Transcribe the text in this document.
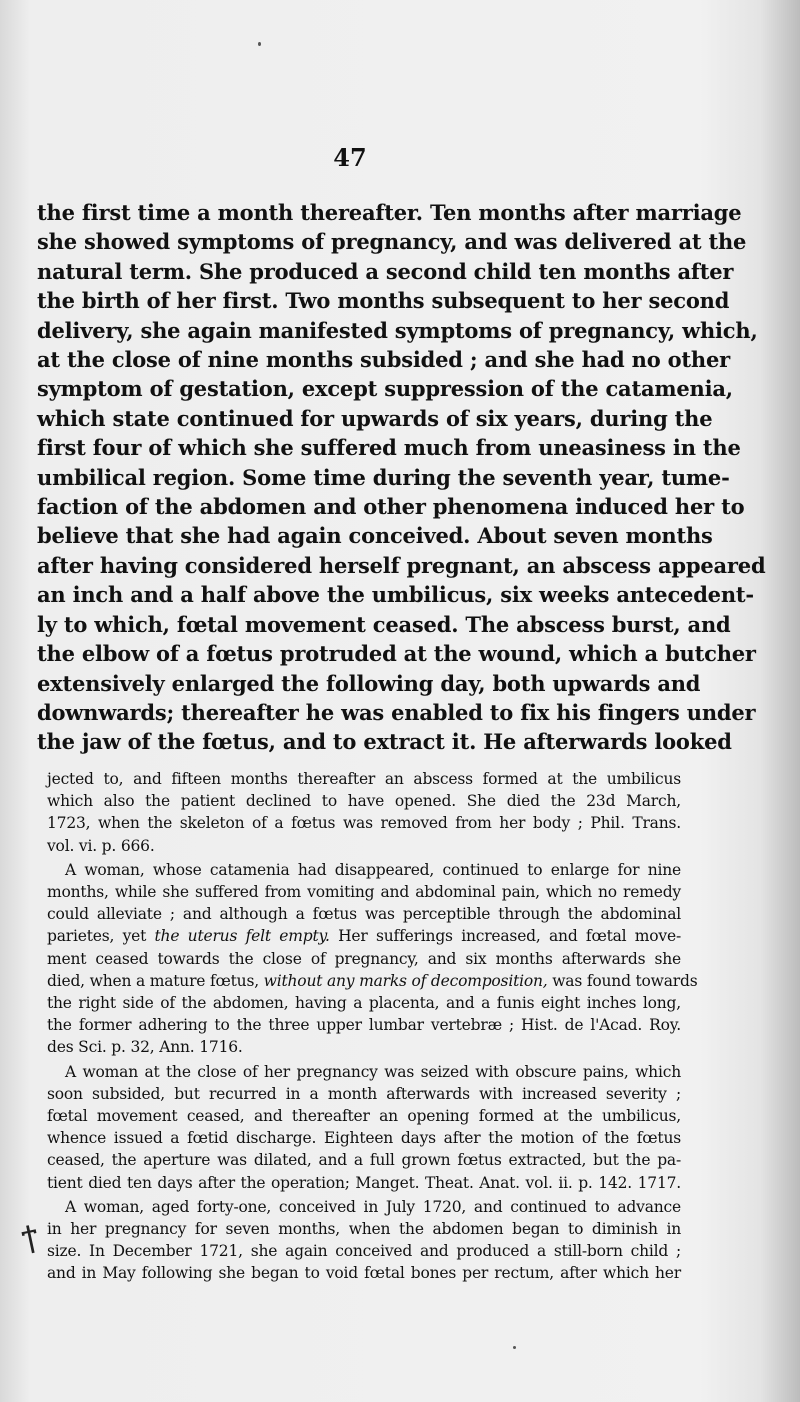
47
the first time a month thereafter. Ten months after marriage
she showed symptoms of pregnancy, and was delivered at the
natural term. She produced a second child ten months after
the birth of her first. Two months subsequent to her second
delivery, she again manifested symptoms of pregnancy, which,
at the close of nine months subsided ; and she had no other
symptom of gestation, except suppression of the catamenia,
which state continued for upwards of six years, during the
first four of which she suffered much from uneasiness in the
umbilical region. Some time during the seventh year, tume-
faction of the abdomen and other phenomena induced her to
believe that she had again conceived. About seven months
after having considered herself pregnant, an abscess appeared
an inch and a half above the umbilicus, six weeks antecedent-
ly to which, fœtal movement ceased. The abscess burst, and
the elbow of a fœtus protruded at the wound, which a butcher
extensively enlarged the following day, both upwards and
downwards; thereafter he was enabled to fix his fingers under
the jaw of the fœtus, and to extract it. He afterwards looked
jected to, and fifteen months thereafter an abscess formed at the umbilicus
which also the patient declined to have opened. She died the 23d March,
1723, when the skeleton of a fœtus was removed from her body ; Phil. Trans.
vol. vi. p. 666.
A woman, whose catamenia had disappeared, continued to enlarge for nine
months, while she suffered from vomiting and abdominal pain, which no remedy
could alleviate ; and although a fœtus was perceptible through the abdominal
parietes, yet the uterus felt empty. Her sufferings increased, and fœtal move-
ment ceased towards the close of pregnancy, and six months afterwards she
died, when a mature fœtus, without any marks of decomposition, was found towards
the right side of the abdomen, having a placenta, and a funis eight inches long,
the former adhering to the three upper lumbar vertebræ ; Hist. de l'Acad. Roy.
des Sci. p. 32, Ann. 1716.
A woman at the close of her pregnancy was seized with obscure pains, which
soon subsided, but recurred in a month afterwards with increased severity ;
fœtal movement ceased, and thereafter an opening formed at the umbilicus,
whence issued a fœtid discharge. Eighteen days after the motion of the fœtus
ceased, the aperture was dilated, and a full grown fœtus extracted, but the pa-
tient died ten days after the operation; Manget. Theat. Anat. vol. ii. p. 142. 1717.
A woman, aged forty-one, conceived in July 1720, and continued to advance
in her pregnancy for seven months, when the abdomen began to diminish in
size. In December 1721, she again conceived and produced a still-born child ;
and in May following she began to void fœtal bones per rectum, after which her
ϯ
